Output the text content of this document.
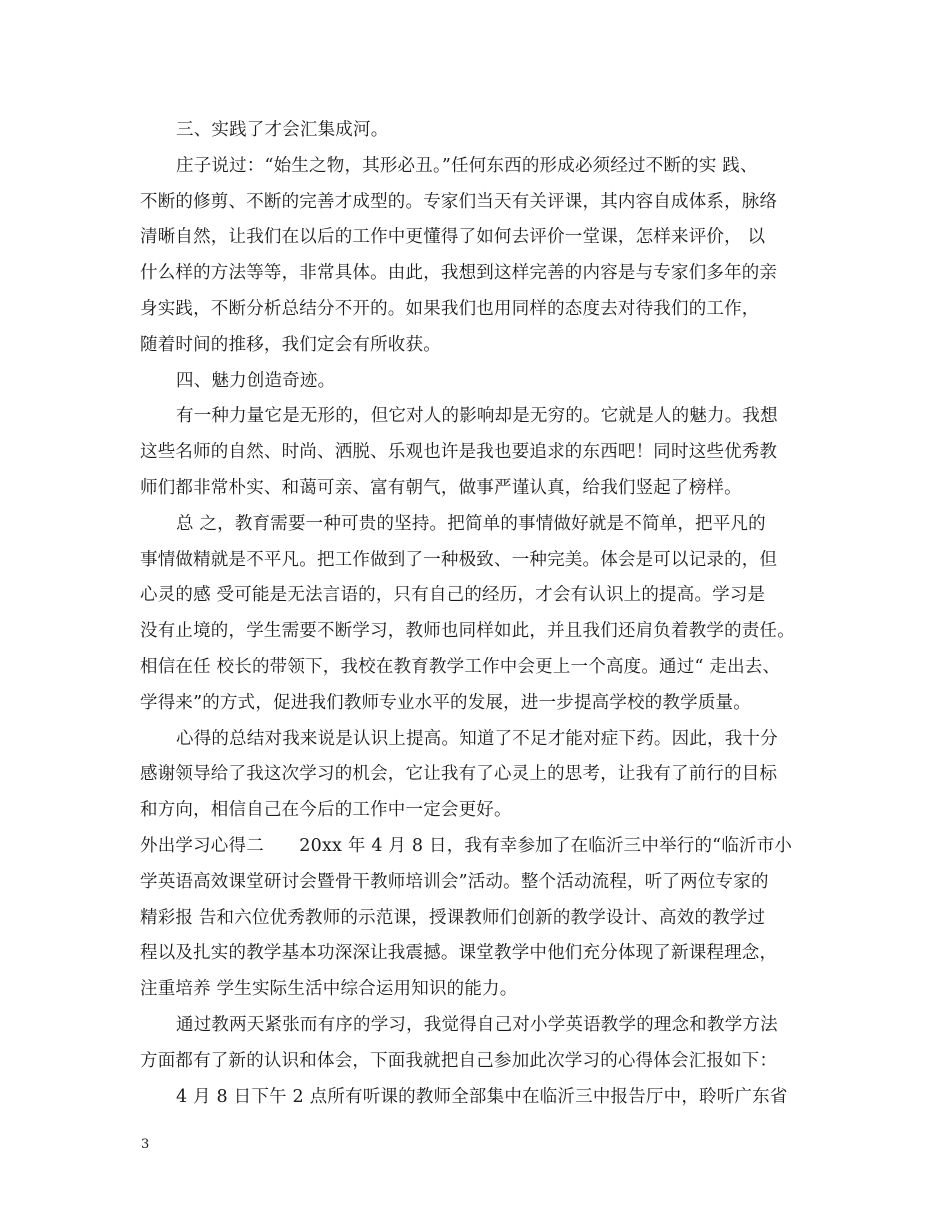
三、实践了才会汇集成河。

庄子说过：“始生之物，其形必丑。”任何东西的形成必须经过不断的实 践、

不断的修剪、不断的完善才成型的。专家们当天有关评课，其内容自成体系，脉络

清晰自然，让我们在以后的工作中更懂得了如何去评价一堂课，怎样来评价， 以

什么样的方法等等，非常具体。由此，我想到这样完善的内容是与专家们多年的亲

身实践，不断分析总结分不开的。如果我们也用同样的态度去对待我们的工作，

随着时间的推移，我们定会有所收获。

四、魅力创造奇迹。

有一种力量它是无形的，但它对人的影响却是无穷的。它就是人的魅力。我想

这些名师的自然、时尚、洒脱、乐观也许是我也要追求的东西吧！同时这些优秀教

师们都非常朴实、和蔼可亲、富有朝气，做事严谨认真，给我们竖起了榜样。

总 之，教育需要一种可贵的坚持。把简单的事情做好就是不简单，把平凡的

事情做精就是不平凡。把工作做到了一种极致、一种完美。体会是可以记录的，但

心灵的感 受可能是无法言语的，只有自己的经历，才会有认识上的提高。学习是

没有止境的，学生需要不断学习，教师也同样如此，并且我们还肩负着教学的责任。

相信在任 校长的带领下，我校在教育教学工作中会更上一个高度。通过“ 走出去、

学得来”的方式，促进我们教师专业水平的发展，进一步提高学校的教学质量。

心得的总结对我来说是认识上提高。知道了不足才能对症下药。因此，我十分

感谢领导给了我这次学习的机会，它让我有了心灵上的思考，让我有了前行的目标

和方向，相信自己在今后的工作中一定会更好。

外出学习心得二　　20xx 年 4 月 8 日，我有幸参加了在临沂三中举行的“临沂市小

学英语高效课堂研讨会暨骨干教师培训会”活动。整个活动流程，听了两位专家的

精彩报 告和六位优秀教师的示范课，授课教师们创新的教学设计、高效的教学过

程以及扎实的教学基本功深深让我震撼。课堂教学中他们充分体现了新课程理念，

注重培养 学生实际生活中综合运用知识的能力。

通过教两天紧张而有序的学习，我觉得自己对小学英语教学的理念和教学方法

方面都有了新的认识和体会，下面我就把自己参加此次学习的心得体会汇报如下：

4 月 8 日下午 2 点所有听课的教师全部集中在临沂三中报告厅中，聆听广东省

3
